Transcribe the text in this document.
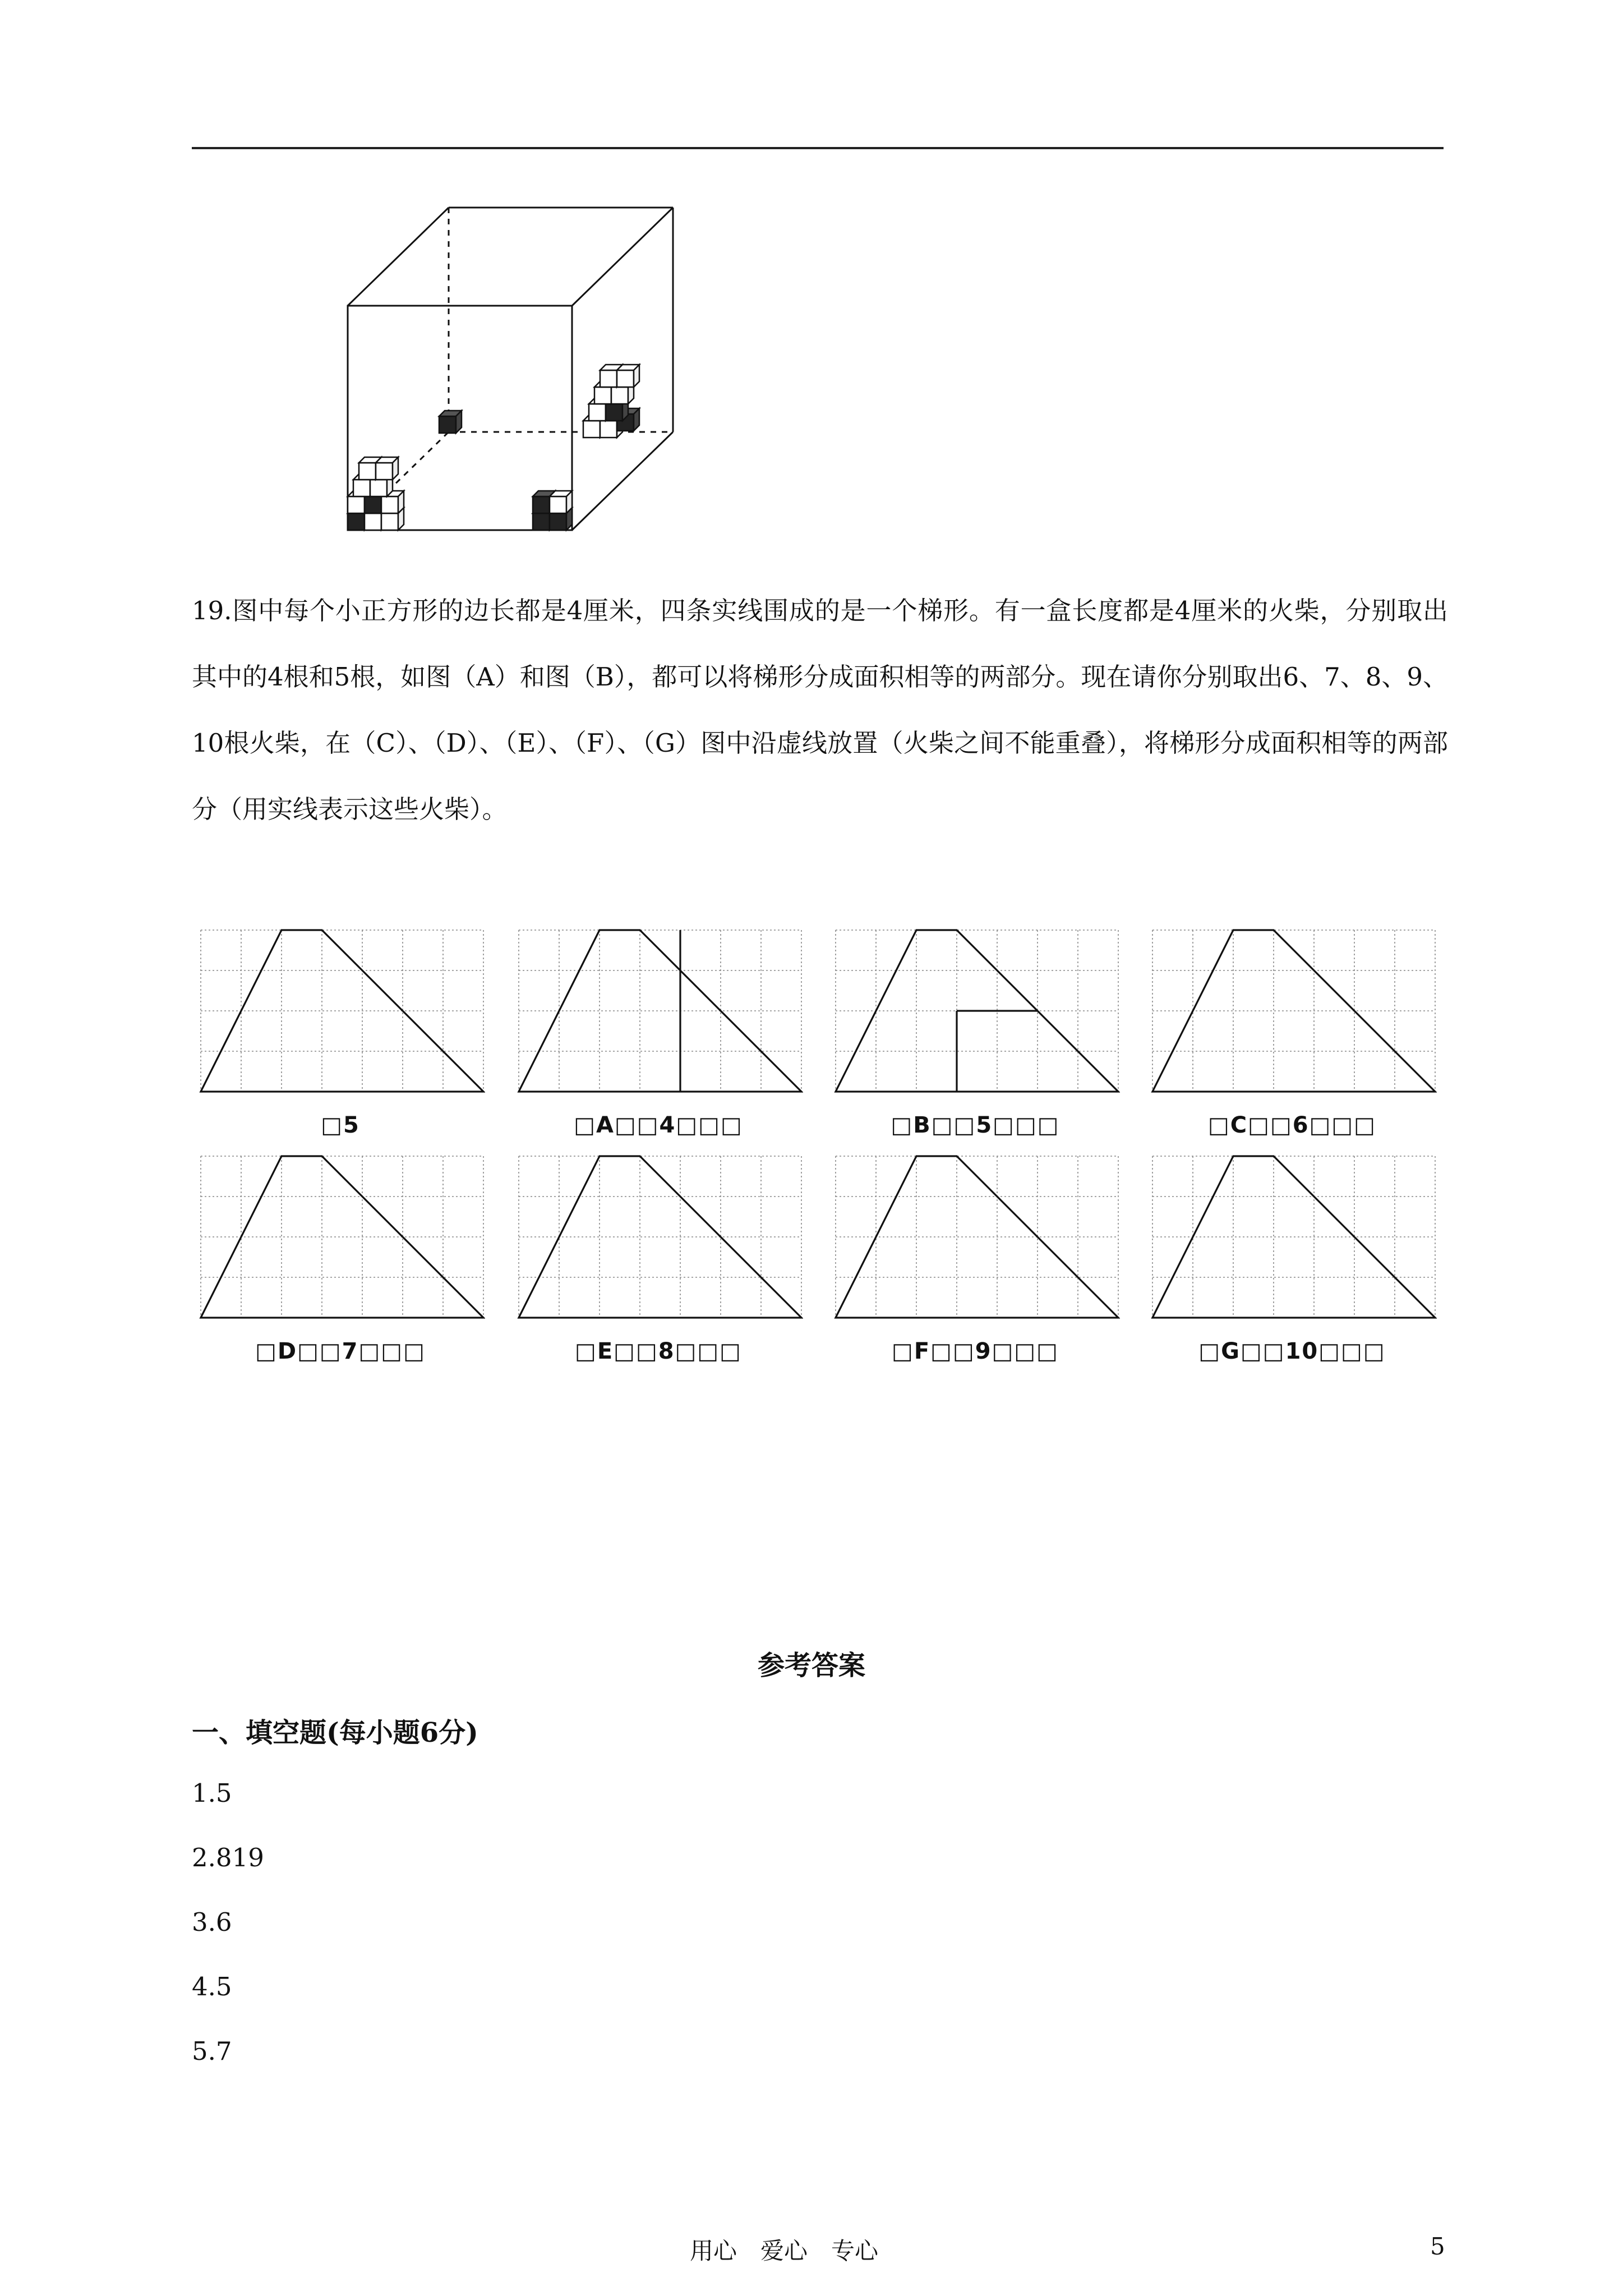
19.图中每个小正方形的边长都是4厘米，四条实线围成的是一个梯形。有一盒长度都是4厘米的火柴，分别取出其中的4根和5根，如图（A）和图（B），都可以将梯形分成面积相等的两部分。现在请你分别取出6、7、8、9、10根火柴，在（C）、（D）、（E）、（F）、（G）图中沿虚线放置（火柴之间不能重叠），将梯形分成面积相等的两部分（用实线表示这些火柴）。
□5	□A□□4□□□	□B□□5□□□	□C□□6□□□
□D□□7□□□	□E□□8□□□	□F□□9□□□	□G□□10□□□
参考答案
一、填空题(每小题6分)
1.5
2.819
3.6
4.5
5.7
用心　爱心　专心	5
